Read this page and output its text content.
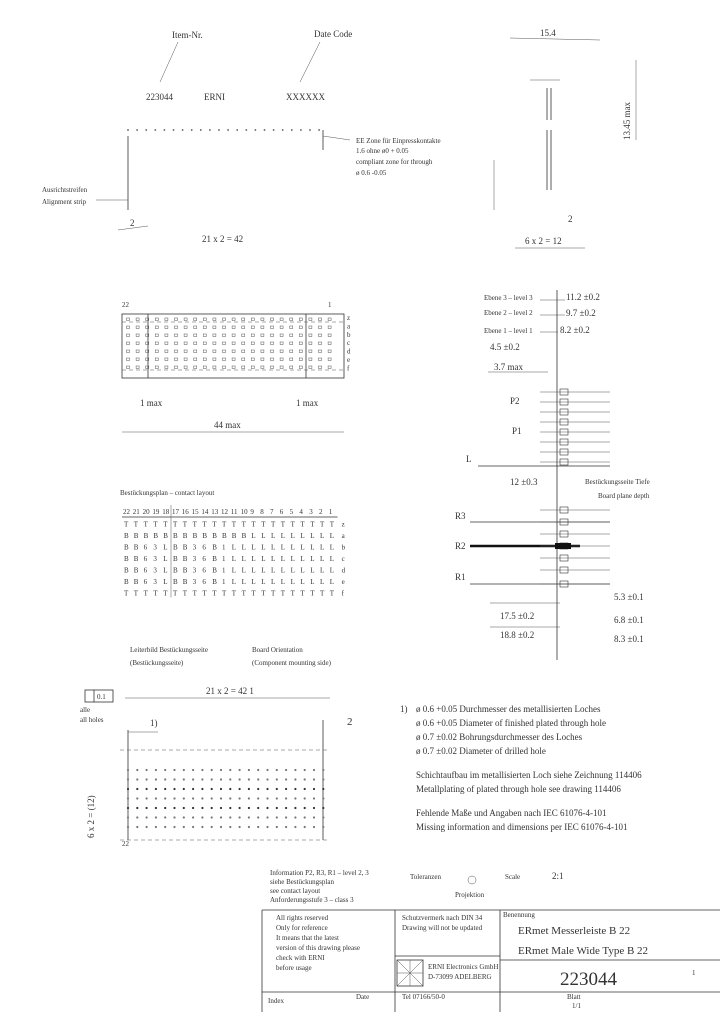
Item-Nr.	Date Code
223044	ERNI	XXXXXX
EE Zone für Einpresskontakte
1.6 ohne ø0 + 0.05
compliant zone for through
ø 0.6 -0.05
Ausrichtstreifen
Alignment strip
2
21 x 2 = 42
15.4
13.45 max
2
6 x 2 = 12
22	1
z
a
b
c
d
e
f
1 max	1 max
44 max
Ebene 3 – level 3
Ebene 2 – level 2
Ebene 1 – level 1
11.2 ±0.2
9.7 ±0.2
8.2 ±0.2
4.5 ±0.2
3.7 max
P2
P1
L
12 ±0.3	Bestückungsseite Tiefe
Board plane depth
R3
R2
R1
5.3 ±0.1
6.8 ±0.1
8.3 ±0.1
17.5 ±0.2
18.8 ±0.2
Bestückungsplan – contact layout
22 21 20 19 18 17 16 15 14 13 12 11 10 9 8 7 6 5 4 3 2 1
T T T T T T T T T T T T T T T T T T T T T T z
B B B B B B B B B B B B B L L L L L L L L L a
B B 6 3 L B B 3 6 B 1 L L L L L L L L L L L b
B B 6 3 L B B 3 6 B 1 L L L L L L L L L L L c
B B 6 3 L B B 3 6 B 1 L L L L L L L L L L L d
B B 6 3 L B B 3 6 B 1 L L L L L L L L L L L e
T T T T T T T T T T T T T T T T T T T T T T f
Leiterbild Bestückungsseite
(Bestückungsseite)
Board Orientation
(Component mounting side)
0.1
alle
all holes	1)	2
21 x 2 = 42 1
6 x 2 = (12)
22
1) ø 0.6 +0.05 Durchmesser des metallisierten Loches
ø 0.6 +0.05 Diameter of finished plated through hole
ø 0.7 ±0.02 Bohrungsdurchmesser des Loches
ø 0.7 ±0.02 Diameter of drilled hole
Schichtaufbau im metallisierten Loch siehe Zeichnung 114406
Metallplating of plated through hole see drawing 114406
Fehlende Maße und Angaben nach IEC 61076-4-101
Missing information and dimensions per IEC 61076-4-101
Information P2, R3, R1 – level 2, 3
siehe Bestückungsplan
see contact layout
Anforderungsstufe 3 – class 3
Toleranzen	Scale	2:1
Benennung
Projektion
All rights reserved
Only for reference
It means that the latest
version of this drawing please
check with ERNI
before usage
Schutzvermerk nach DIN 34
Drawing will not be updated	ERmet Messerleiste B 22
ERmet Male Wide Type B 22
223044	1
ERNI Electronics GmbH
D-73099 ADELBERG
Tel 07166/50-0
Index	Date	Blatt
1/1
